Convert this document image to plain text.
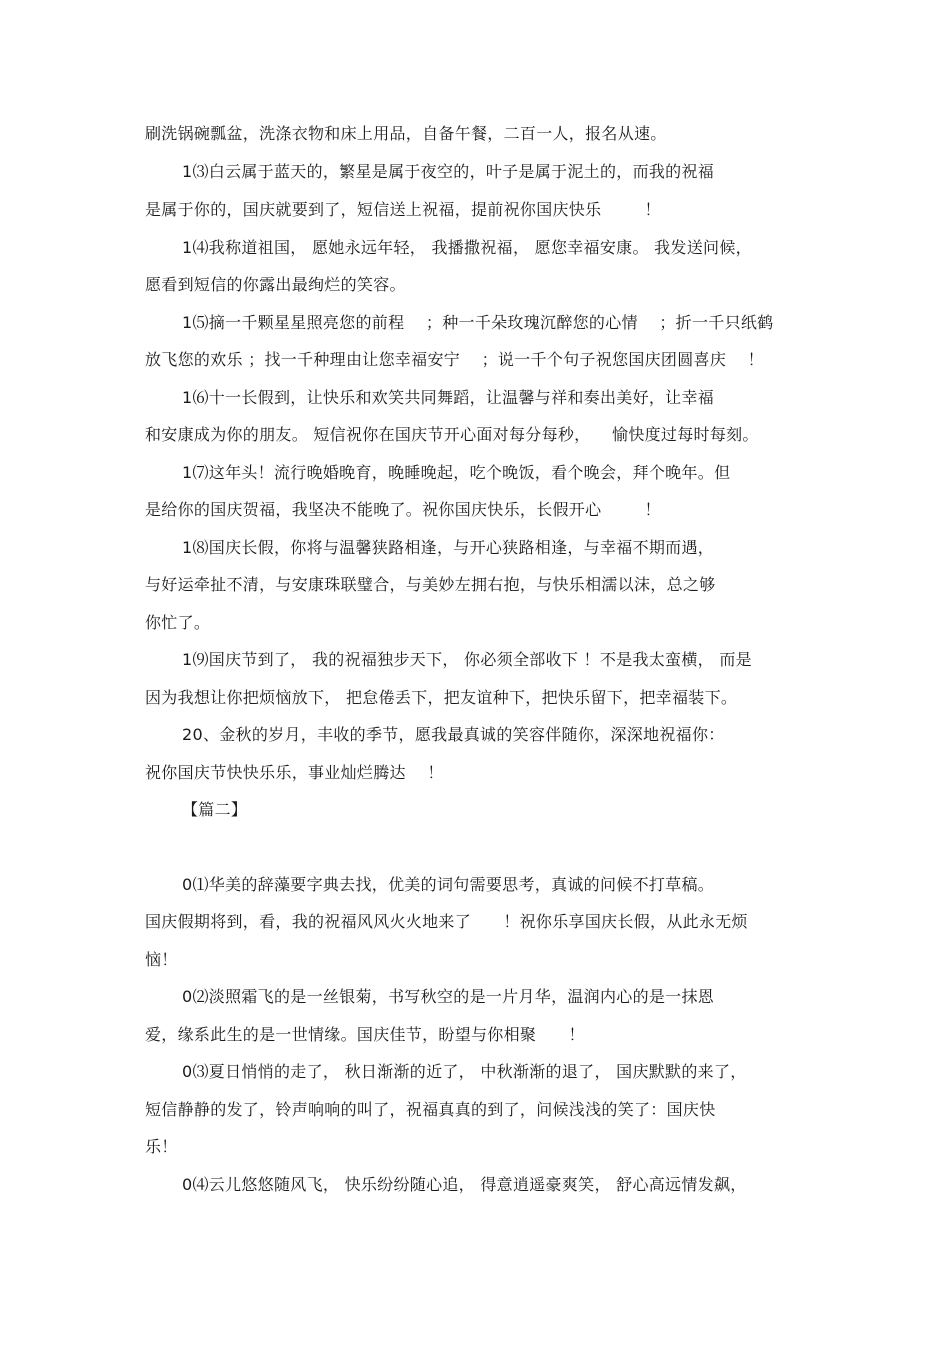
刷洗锅碗瓢盆，洗涤衣物和床上用品，自备午餐，二百一人，报名从速。
1⑶白云属于蓝天的，繁星是属于夜空的，叶子是属于泥土的，而我的祝福
是属于你的，国庆就要到了，短信送上祝福，提前祝你国庆快乐        ！
1⑷我称道祖国， 愿她永远年轻， 我播撒祝福， 愿您幸福安康。 我发送问候，
愿看到短信的你露出最绚烂的笑容。
1⑸摘一千颗星星照亮您的前程    ；种一千朵玫瑰沉醉您的心情    ；折一千只纸鹤
放飞您的欢乐 ；找一千种理由让您幸福安宁    ；说一千个句子祝您国庆团圆喜庆    ！
1⑹十一长假到，让快乐和欢笑共同舞蹈，让温馨与祥和奏出美好，让幸福
和安康成为你的朋友。 短信祝你在国庆节开心面对每分每秒，    愉快度过每时每刻。
1⑺这年头！流行晚婚晚育，晚睡晚起，吃个晚饭，看个晚会，拜个晚年。但
是给你的国庆贺福，我坚决不能晚了。祝你国庆快乐，长假开心        ！
1⑻国庆长假，你将与温馨狭路相逢，与开心狭路相逢，与幸福不期而遇，
与好运牵扯不清，与安康珠联璧合，与美妙左拥右抱，与快乐相濡以沫，总之够
你忙了。
1⑼国庆节到了， 我的祝福独步天下， 你必须全部收下 ！不是我太蛮横， 而是
因为我想让你把烦恼放下， 把怠倦丢下，把友谊种下，把快乐留下，把幸福装下。
20、金秋的岁月，丰收的季节，愿我最真诚的笑容伴随你，深深地祝福你：
祝你国庆节快快乐乐，事业灿烂腾达    ！
【篇二】
0⑴华美的辞藻要字典去找，优美的词句需要思考，真诚的问候不打草稿。
国庆假期将到，看，我的祝福风风火火地来了      ！祝你乐享国庆长假，从此永无烦
恼！
0⑵淡照霜飞的是一丝银菊，书写秋空的是一片月华，温润内心的是一抹恩
爱，缘系此生的是一世情缘。国庆佳节，盼望与你相聚      ！
0⑶夏日悄悄的走了， 秋日渐渐的近了， 中秋渐渐的退了， 国庆默默的来了，
短信静静的发了，铃声响响的叫了，祝福真真的到了，问候浅浅的笑了：国庆快
乐！
0⑷云儿悠悠随风飞， 快乐纷纷随心追， 得意逍遥豪爽笑， 舒心高远情发飙，
